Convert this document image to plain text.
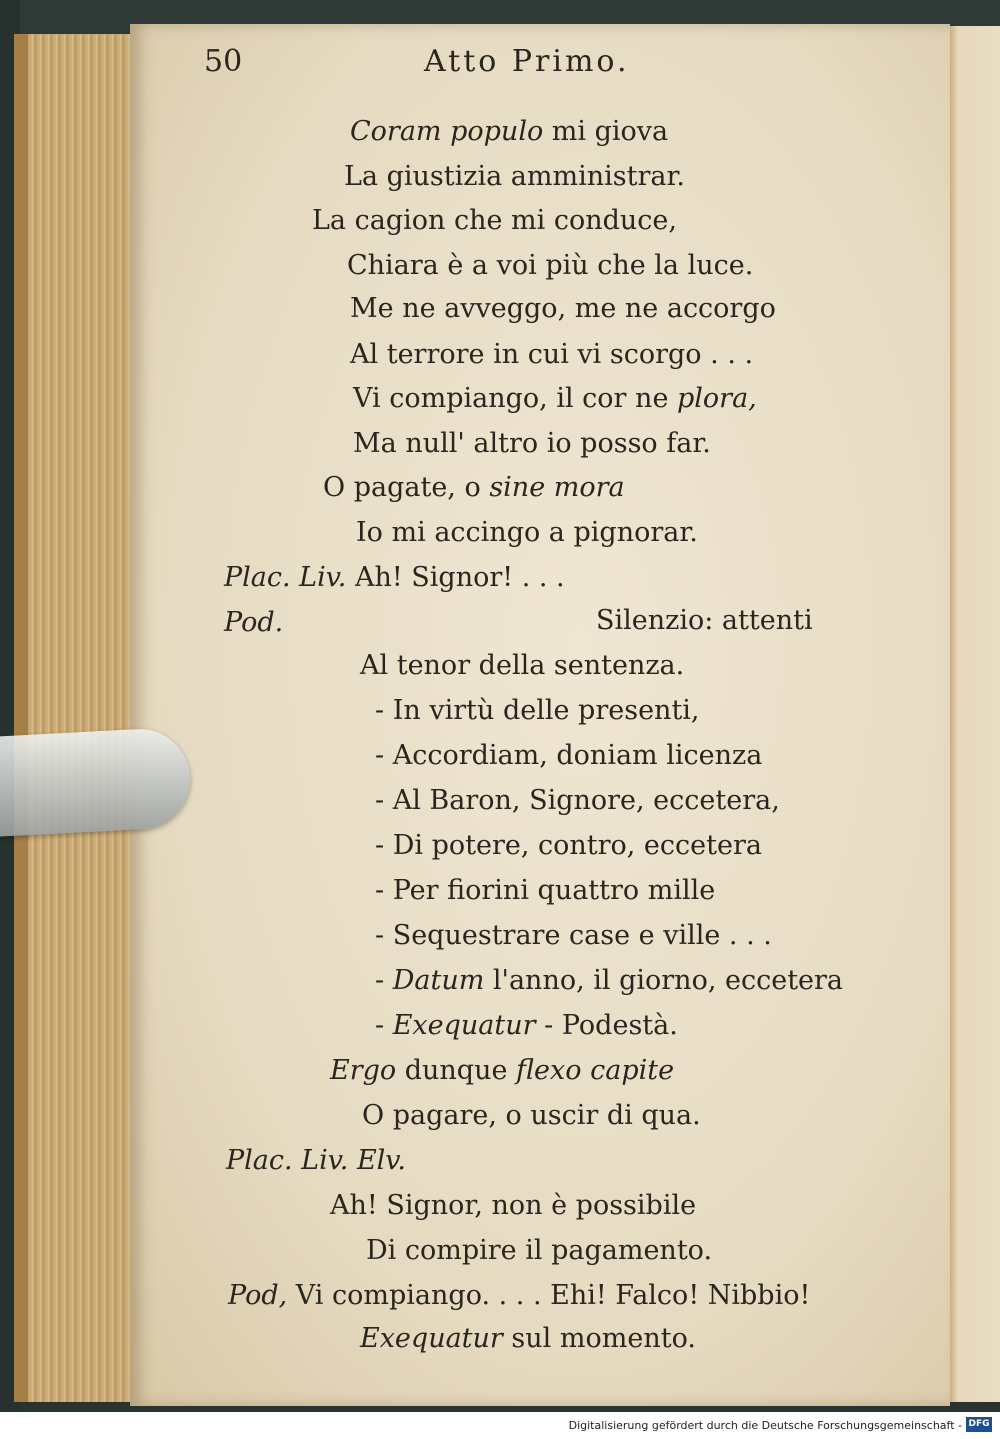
50	Atto Primo.
Coram populo mi giova
La giustizia amministrar.
La cagion che mi conduce,
Chiara è a voi più che la luce.
Me ne avveggo, me ne accorgo
Al terrore in cui vi scorgo . . .
Vi compiango, il cor ne plora,
Ma null' altro io posso far.
O pagate, o sine mora
Io mi accingo a pignorar.
Plac. Liv. Ah! Signor! . . .
Pod.	Silenzio: attenti
Al tenor della sentenza.
- In virtù delle presenti,
- Accordiam, doniam licenza
- Al Baron, Signore, eccetera,
- Di potere, contro, eccetera
- Per fiorini quattro mille
- Sequestrare case e ville . . .
- Datum l'anno, il giorno, eccetera
- Exequatur - Podestà.
Ergo dunque flexo capite
O pagare, o uscir di qua.
Plac. Liv. Elv.
Ah! Signor, non è possibile
Di compire il pagamento.
Pod, Vi compiango. . . . Ehi! Falco! Nibbio!
Exequatur sul momento.
Digitalisierung gefördert durch die Deutsche Forschungsgemeinschaft - DFG
